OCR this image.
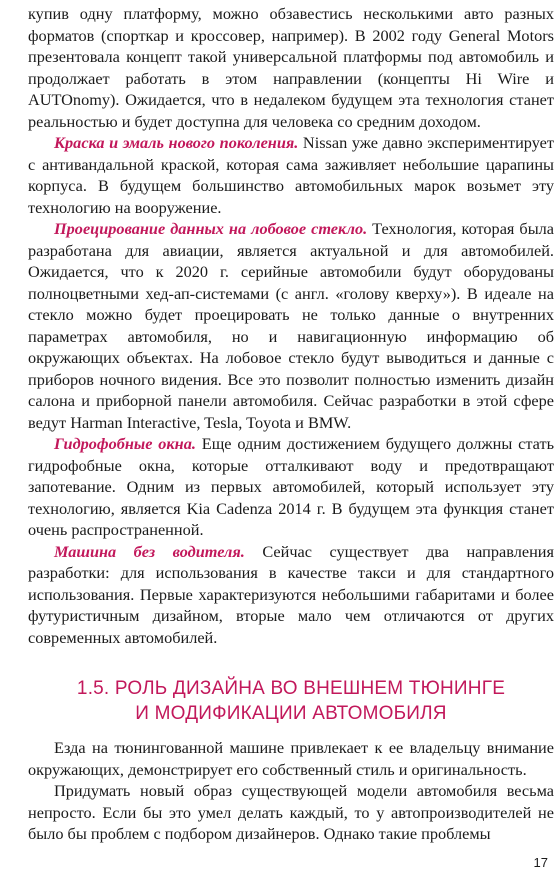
купив одну платформу, можно обзавестись несколькими авто разных форматов (спорткар и кроссовер, например). В 2002 году General Motors презентовала концепт такой универсальной платформы под автомобиль и продолжает работать в этом направлении (концепты Hi Wire и AUTOnomy). Ожидается, что в недалеком будущем эта технология станет реальностью и будет доступна для человека со средним доходом.

Краска и эмаль нового поколения. Nissan уже давно экспериментирует с антивандальной краской, которая сама заживляет небольшие царапины корпуса. В будущем большинство автомобильных марок возьмет эту технологию на вооружение.

Проецирование данных на лобовое стекло. Технология, которая была разработана для авиации, является актуальной и для автомобилей. Ожидается, что к 2020 г. серийные автомобили будут оборудованы полноцветными хед-ап-системами (с англ. «голову кверху»). В идеале на стекло можно будет проецировать не только данные о внутренних параметрах автомобиля, но и навигационную информацию об окружающих объектах. На лобовое стекло будут выводиться и данные с приборов ночного видения. Все это позволит полностью изменить дизайн салона и приборной панели автомобиля. Сейчас разработки в этой сфере ведут Harman Interactive, Tesla, Toyota и BMW.

Гидрофобные окна. Еще одним достижением будущего должны стать гидрофобные окна, которые отталкивают воду и предотвращают запотевание. Одним из первых автомобилей, который использует эту технологию, является Kia Cadenza 2014 г. В будущем эта функция станет очень распространенной.

Машина без водителя. Сейчас существует два направления разработки: для использования в качестве такси и для стандартного использования. Первые характеризуются небольшими габаритами и более футуристичным дизайном, вторые мало чем отличаются от других современных автомобилей.

1.5. РОЛЬ ДИЗАЙНА ВО ВНЕШНЕМ ТЮНИНГЕ
И МОДИФИКАЦИИ АВТОМОБИЛЯ

Езда на тюнингованной машине привлекает к ее владельцу внимание окружающих, демонстрирует его собственный стиль и оригинальность.

Придумать новый образ существующей модели автомобиля весьма непросто. Если бы это умел делать каждый, то у автопроизводителей не было бы проблем с подбором дизайнеров. Однако такие проблемы

17
